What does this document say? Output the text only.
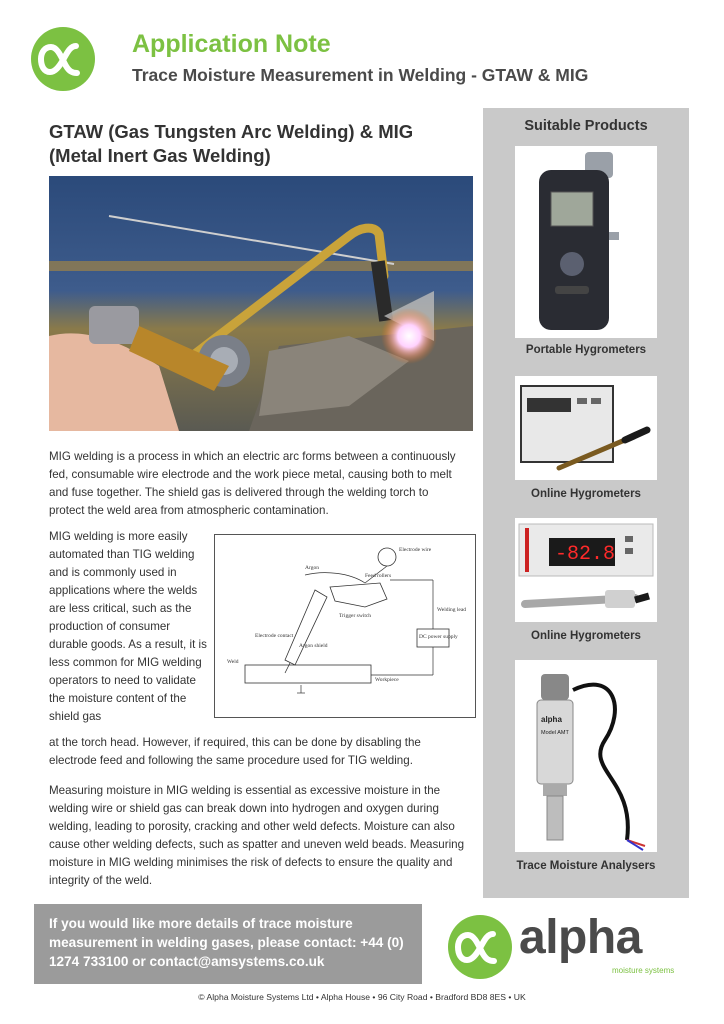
Application Note
Trace Moisture Measurement in Welding - GTAW & MIG
GTAW (Gas Tungsten Arc Welding) & MIG (Metal Inert Gas Welding)

MIG welding is a process in which an electric arc forms between a continuously fed, consumable wire electrode and the work piece metal, causing both to melt and fuse together. The shield gas is delivered through the welding torch to protect the weld area from atmospheric contamination.

MIG welding is more easily automated than TIG welding and is commonly used in applications where the welds are less critical, such as the production of consumer durable goods. As a result, it is less common for MIG welding operators to need to validate the moisture content of the shield gas

Electrode wire
Argon
Feed rollers
Trigger switch
Welding lead
DC power supply
Electrode contact
Argon shield
Weld
Workpiece

at the torch head. However, if required, this can be done by disabling the electrode feed and following the same procedure used for TIG welding.

Measuring moisture in MIG welding is essential as excessive moisture in the welding wire or shield gas can break down into hydrogen and oxygen during welding, leading to porosity, cracking and other weld defects. Moisture can also cause other welding defects, such as spatter and uneven weld beads. Measuring moisture in MIG welding minimises the risk of defects to ensure the quality and integrity of the weld.

Suitable Products
Portable Hygrometers
Online Hygrometers
-82.8
Online Hygrometers
alpha
Model AMT
Trace Moisture Analysers

If you would like more details of trace moisture measurement in welding gases, please contact: +44 (0) 1274 733100 or contact@amsystems.co.uk	alpha
moisture systems
© Alpha Moisture Systems Ltd • Alpha House • 96 City Road • Bradford BD8 8ES • UK
